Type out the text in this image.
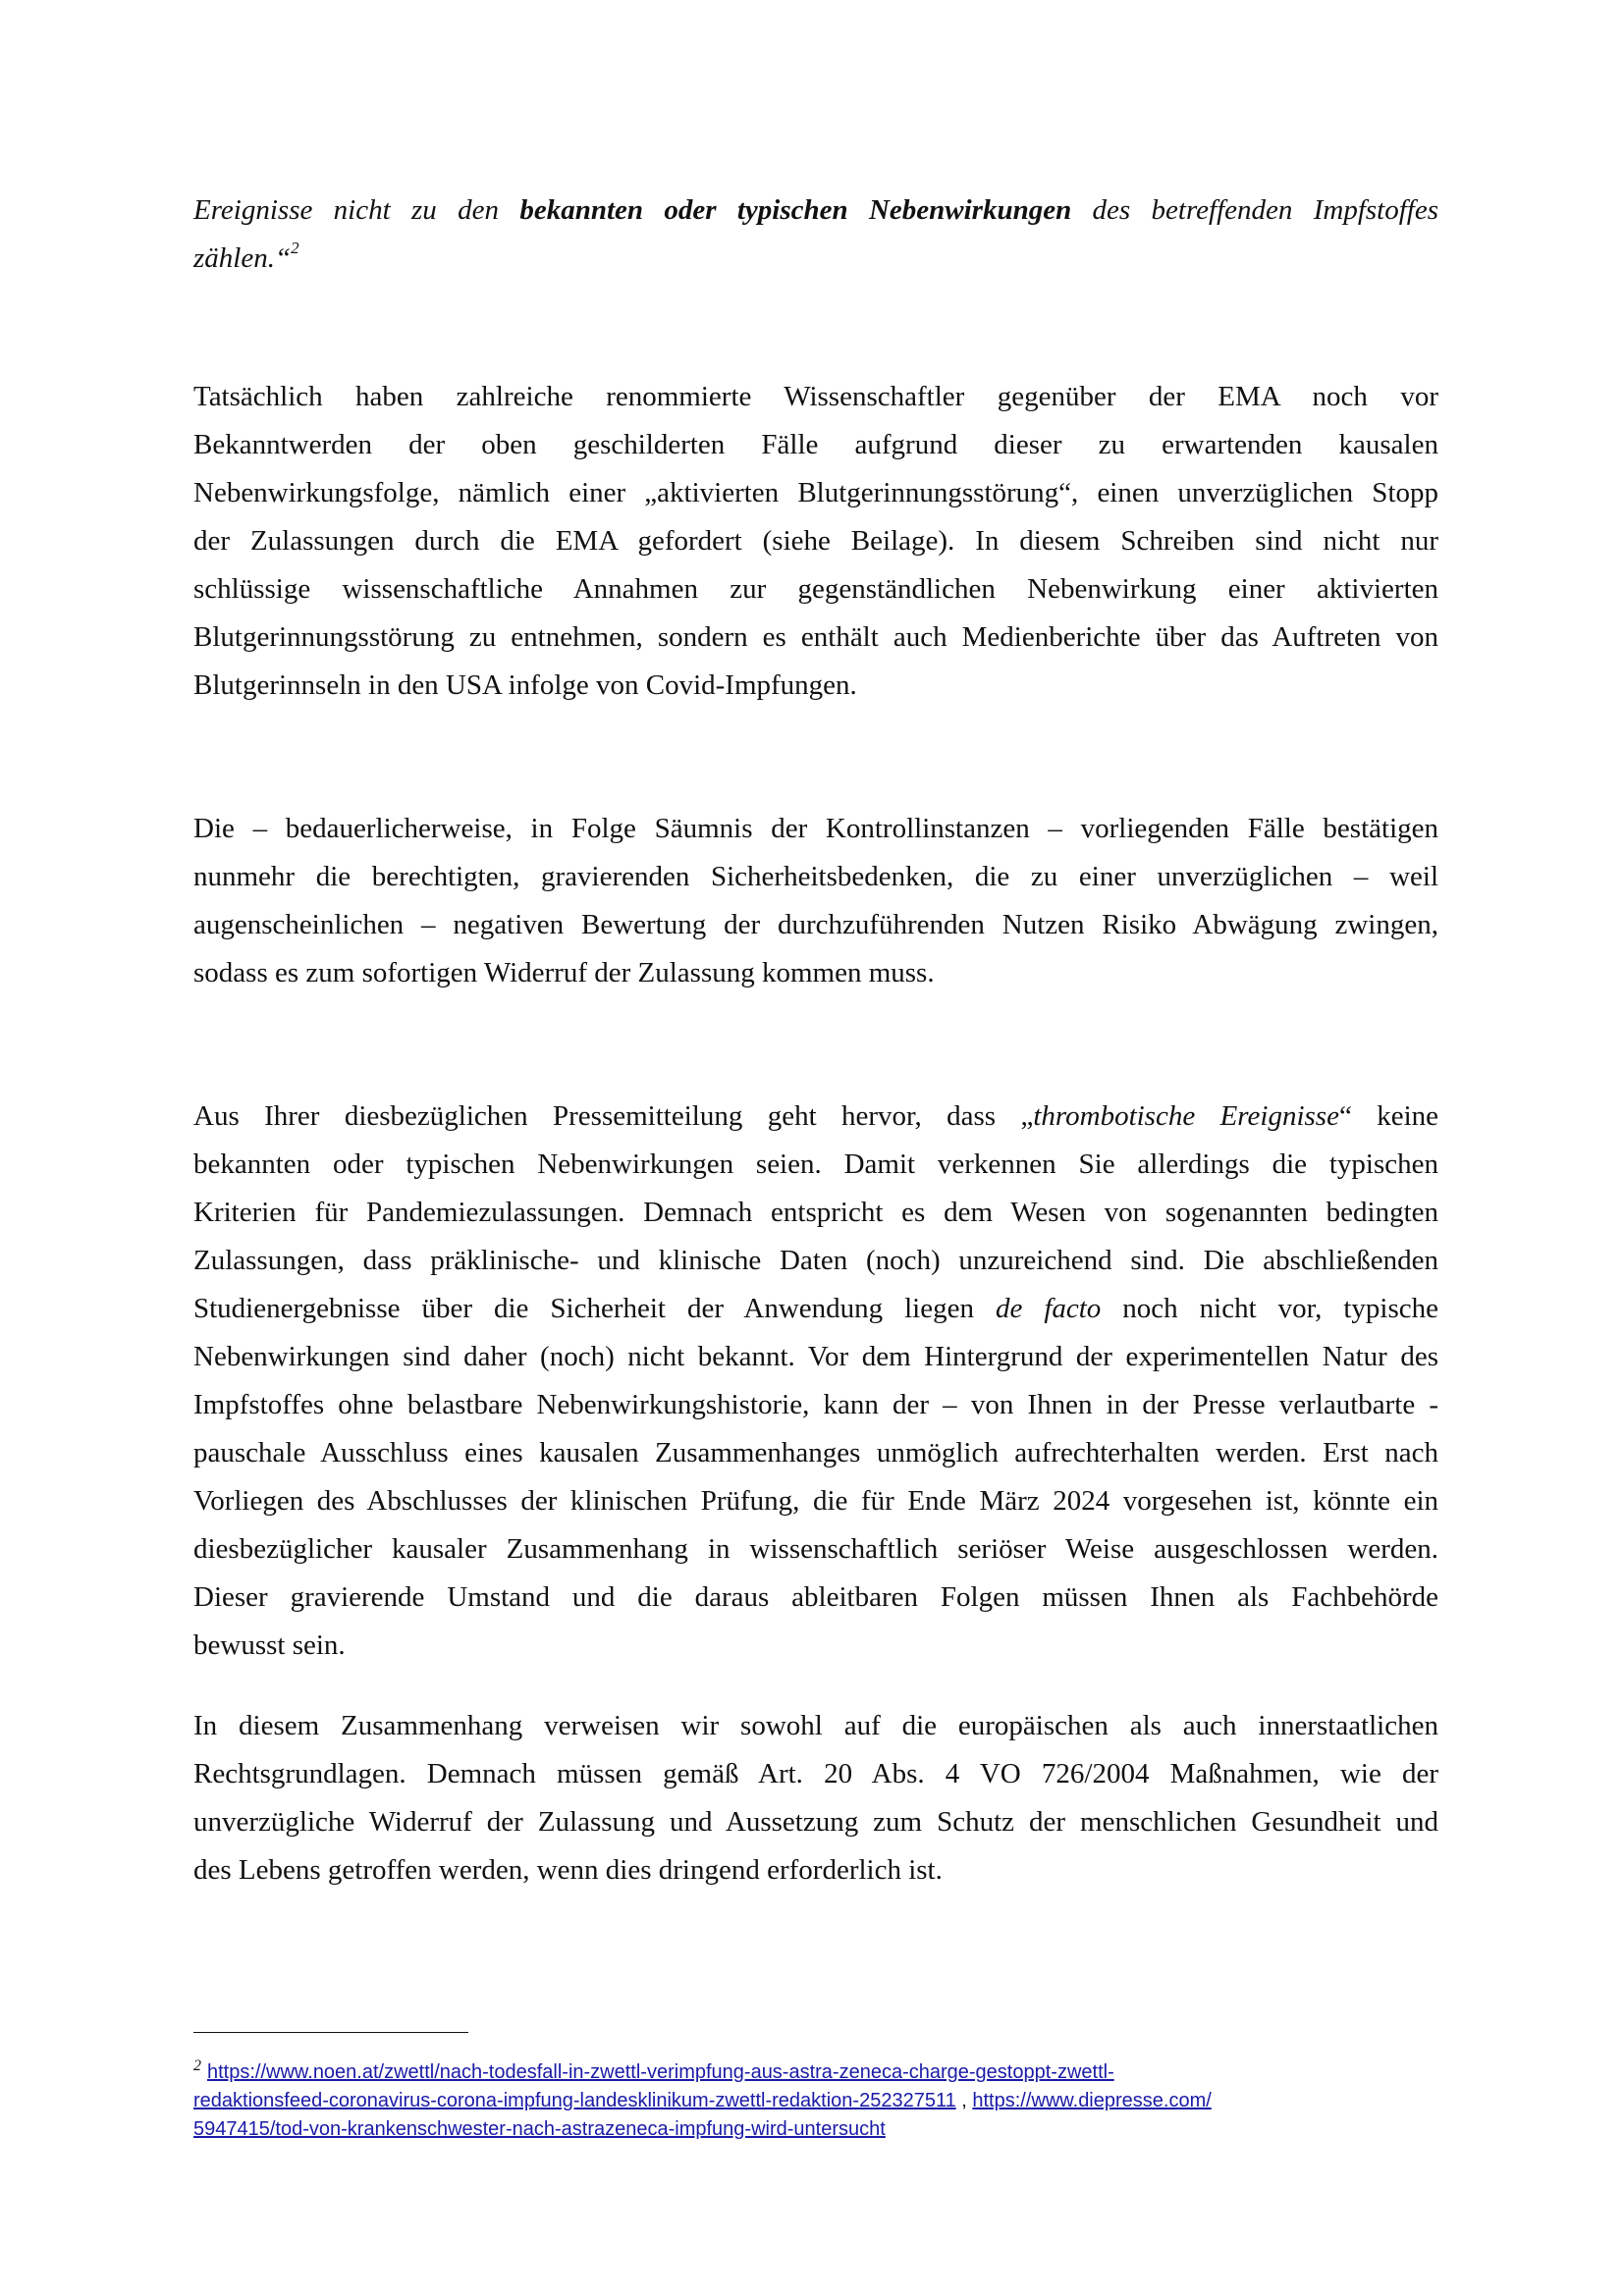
Ereignisse nicht zu den bekannten oder typischen Nebenwirkungen des betreffenden Impfstoffes
zählen.“$^2$
Tatsächlich haben zahlreiche renommierte Wissenschaftler gegenüber der EMA noch vor
Bekanntwerden der oben geschilderten Fälle aufgrund dieser zu erwartenden kausalen
Nebenwirkungsfolge, nämlich einer „aktivierten Blutgerinnungsstörung“, einen unverzüglichen Stopp
der Zulassungen durch die EMA gefordert (siehe Beilage). In diesem Schreiben sind nicht nur
schlüssige wissenschaftliche Annahmen zur gegenständlichen Nebenwirkung einer aktivierten
Blutgerinnungsstörung zu entnehmen, sondern es enthält auch Medienberichte über das Auftreten von
Blutgerinnseln in den USA infolge von Covid-Impfungen.
Die – bedauerlicherweise, in Folge Säumnis der Kontrollinstanzen – vorliegenden Fälle bestätigen
nunmehr die berechtigten, gravierenden Sicherheitsbedenken, die zu einer unverzüglichen – weil
augenscheinlichen – negativen Bewertung der durchzuführenden Nutzen Risiko Abwägung zwingen,
sodass es zum sofortigen Widerruf der Zulassung kommen muss.
Aus Ihrer diesbezüglichen Pressemitteilung geht hervor, dass „thrombotische Ereignisse“ keine
bekannten oder typischen Nebenwirkungen seien. Damit verkennen Sie allerdings die typischen
Kriterien für Pandemiezulassungen. Demnach entspricht es dem Wesen von sogenannten bedingten
Zulassungen, dass präklinische- und klinische Daten (noch) unzureichend sind. Die abschließenden
Studienergebnisse über die Sicherheit der Anwendung liegen de facto noch nicht vor, typische
Nebenwirkungen sind daher (noch) nicht bekannt. Vor dem Hintergrund der experimentellen Natur des
Impfstoffes ohne belastbare Nebenwirkungshistorie, kann der – von Ihnen in der Presse verlautbarte -
pauschale Ausschluss eines kausalen Zusammenhanges unmöglich aufrechterhalten werden. Erst nach
Vorliegen des Abschlusses der klinischen Prüfung, die für Ende März 2024 vorgesehen ist, könnte ein
diesbezüglicher kausaler Zusammenhang in wissenschaftlich seriöser Weise ausgeschlossen werden.
Dieser gravierende Umstand und die daraus ableitbaren Folgen müssen Ihnen als Fachbehörde
bewusst sein.
In diesem Zusammenhang verweisen wir sowohl auf die europäischen als auch innerstaatlichen
Rechtsgrundlagen. Demnach müssen gemäß Art. 20 Abs. 4 VO 726/2004 Maßnahmen, wie der
unverzügliche Widerruf der Zulassung und Aussetzung zum Schutz der menschlichen Gesundheit und
des Lebens getroffen werden, wenn dies dringend erforderlich ist.
$^2$ https://www.noen.at/zwettl/nach-todesfall-in-zwettl-verimpfung-aus-astra-zeneca-charge-gestoppt-zwettl-
redaktionsfeed-coronavirus-corona-impfung-landesklinikum-zwettl-redaktion-252327511 , https://www.diepresse.com/
5947415/tod-von-krankenschwester-nach-astrazeneca-impfung-wird-untersucht
